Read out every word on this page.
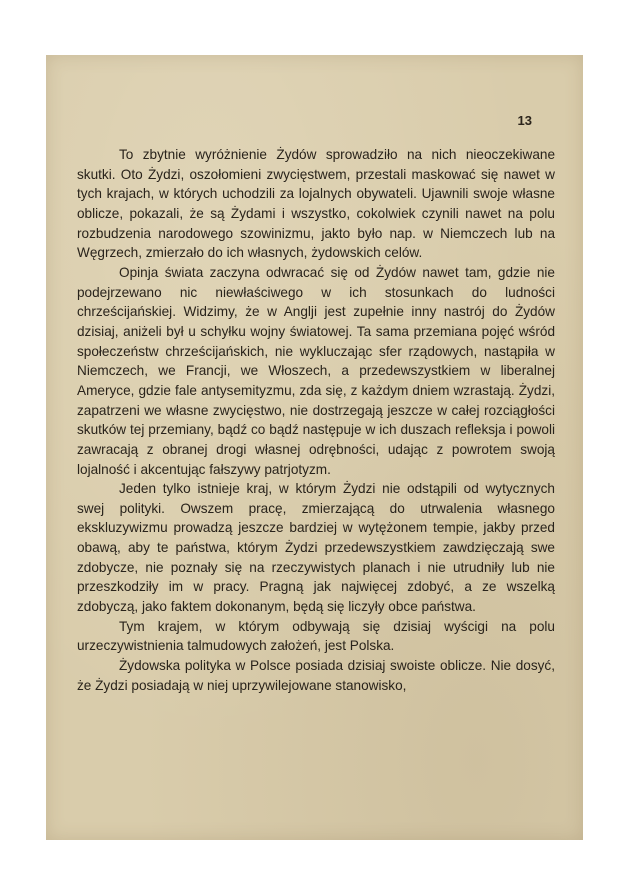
13

To zbytnie wyróżnienie Żydów sprowadziło na nich nieoczekiwane skutki. Oto Żydzi, oszołomieni zwycięstwem, przestali maskować się nawet w tych krajach, w których uchodzili za lojalnych obywateli. Ujawnili swoje własne oblicze, pokazali, że są Żydami i wszystko, cokolwiek czynili nawet na polu rozbudzenia narodowego szowinizmu, jakto było nap. w Niemczech lub na Węgrzech, zmierzało do ich własnych, żydowskich celów.

Opinja świata zaczyna odwracać się od Żydów nawet tam, gdzie nie podejrzewano nic niewłaściwego w ich stosunkach do ludności chrześcijańskiej. Widzimy, że w Anglji jest zupełnie inny nastrój do Żydów dzisiaj, aniżeli był u schyłku wojny światowej. Ta sama przemiana pojęć wśród społeczeństw chrześcijańskich, nie wykluczając sfer rządowych, nastąpiła w Niemczech, we Francji, we Włoszech, a przedewszystkiem w liberalnej Ameryce, gdzie fale antysemityzmu, zda się, z każdym dniem wzrastają. Żydzi, zapatrzeni we własne zwycięstwo, nie dostrzegają jeszcze w całej rozciągłości skutków tej przemiany, bądź co bądź następuje w ich duszach refleksja i powoli zawracają z obranej drogi własnej odrębności, udając z powrotem swoją lojalność i akcentując fałszywy patrjotyzm.

Jeden tylko istnieje kraj, w którym Żydzi nie odstąpili od wytycznych swej polityki. Owszem pracę, zmierzającą do utrwalenia własnego ekskluzywizmu prowadzą jeszcze bardziej w wytężonem tempie, jakby przed obawą, aby te państwa, którym Żydzi przedewszystkiem zawdzięczają swe zdobycze, nie poznały się na rzeczywistych planach i nie utrudniły lub nie przeszkodziły im w pracy. Pragną jak najwięcej zdobyć, a ze wszelką zdobyczą, jako faktem dokonanym, będą się liczyły obce państwa.

Tym krajem, w którym odbywają się dzisiaj wyścigi na polu urzeczywistnienia talmudowych założeń, jest Polska.

Żydowska polityka w Polsce posiada dzisiaj swoiste oblicze. Nie dosyć, że Żydzi posiadają w niej uprzywilejowane stanowisko,
